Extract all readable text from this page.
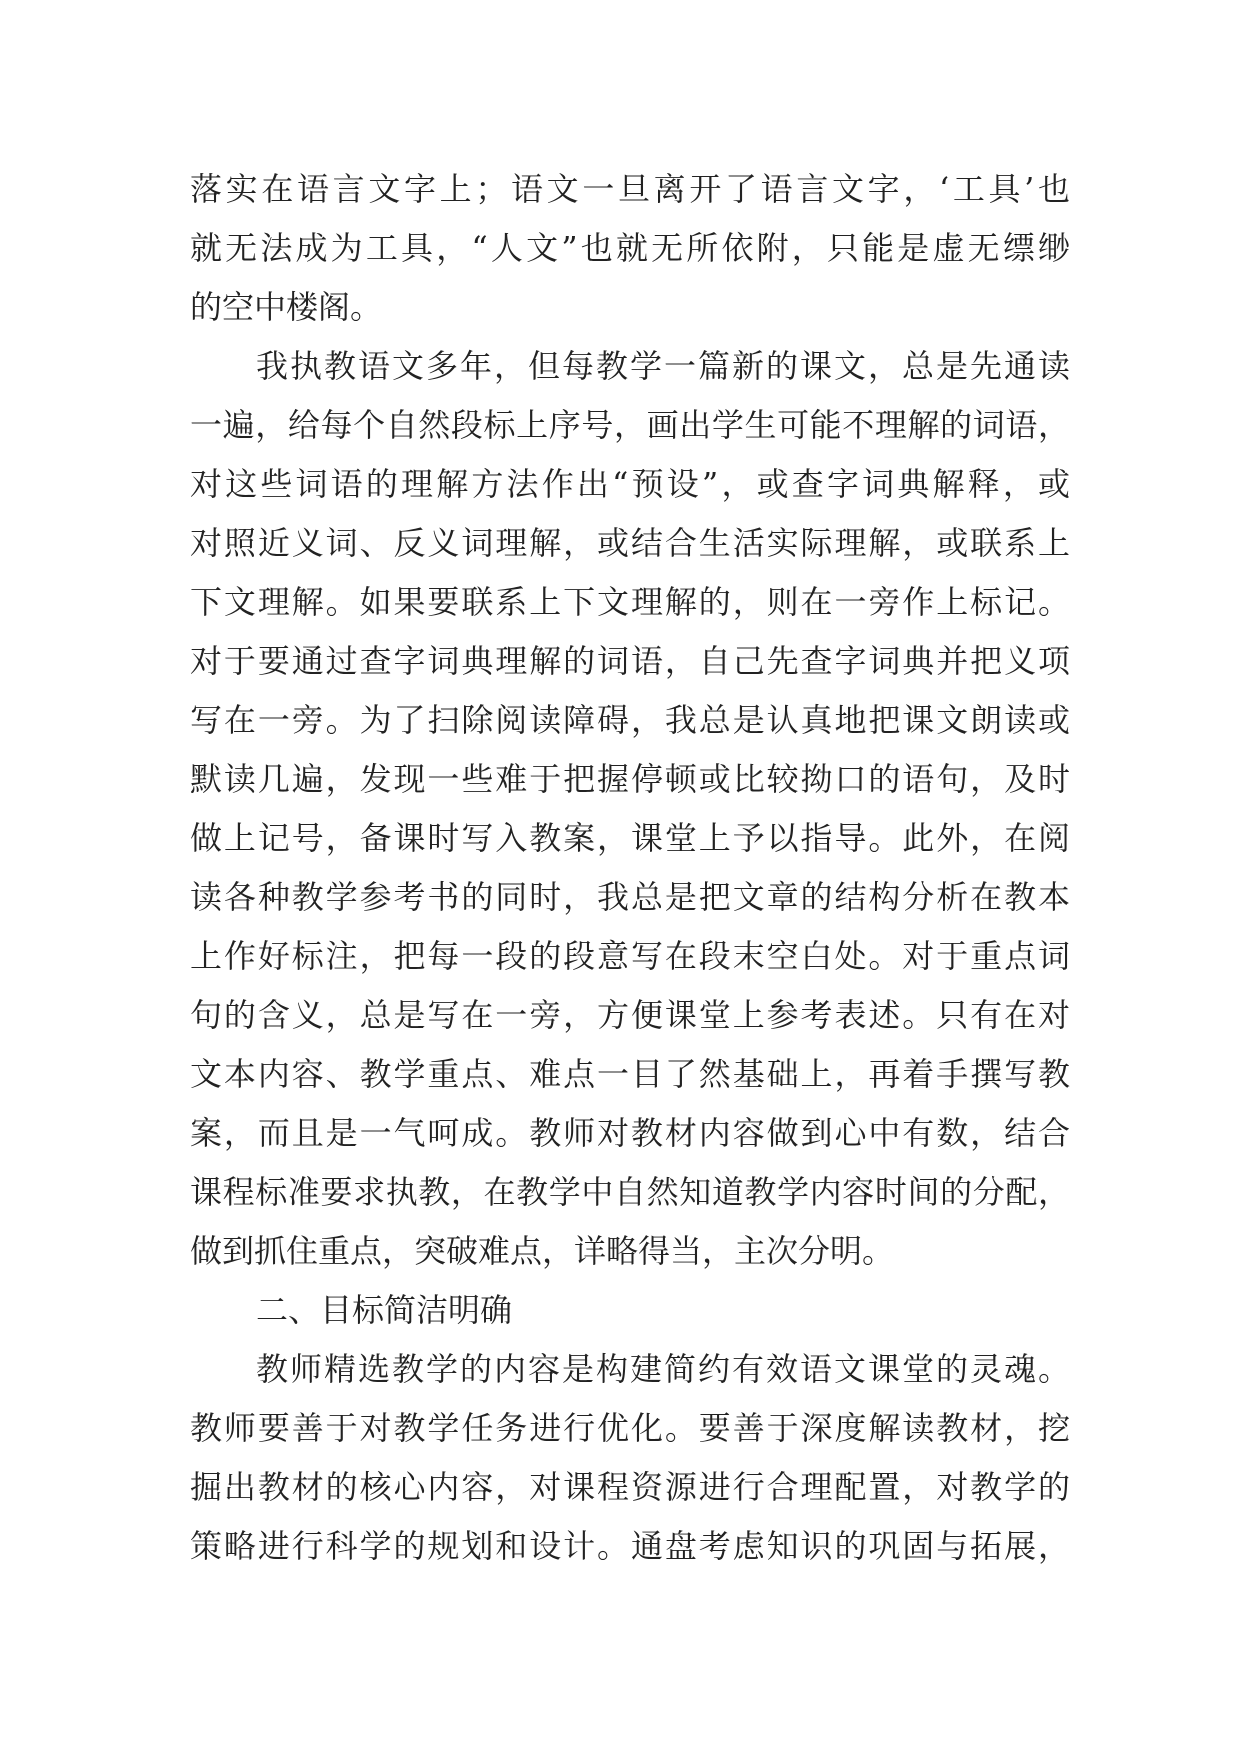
落实在语言文字上；语文一旦离开了语言文字，‘工具’也
就无法成为工具，“人文”也就无所依附，只能是虚无缥缈
的空中楼阁。
我执教语文多年，但每教学一篇新的课文，总是先通读
一遍，给每个自然段标上序号，画出学生可能不理解的词语，
对这些词语的理解方法作出“预设”，或查字词典解释，或
对照近义词、反义词理解，或结合生活实际理解，或联系上
下文理解。如果要联系上下文理解的，则在一旁作上标记。
对于要通过查字词典理解的词语，自己先查字词典并把义项
写在一旁。为了扫除阅读障碍，我总是认真地把课文朗读或
默读几遍，发现一些难于把握停顿或比较拗口的语句，及时
做上记号，备课时写入教案，课堂上予以指导。此外，在阅
读各种教学参考书的同时，我总是把文章的结构分析在教本
上作好标注，把每一段的段意写在段末空白处。对于重点词
句的含义，总是写在一旁，方便课堂上参考表述。只有在对
文本内容、教学重点、难点一目了然基础上，再着手撰写教
案，而且是一气呵成。教师对教材内容做到心中有数，结合
课程标准要求执教，在教学中自然知道教学内容时间的分配，
做到抓住重点，突破难点，详略得当，主次分明。
二、目标简洁明确
教师精选教学的内容是构建简约有效语文课堂的灵魂。
教师要善于对教学任务进行优化。要善于深度解读教材，挖
掘出教材的核心内容，对课程资源进行合理配置，对教学的
策略进行科学的规划和设计。通盘考虑知识的巩固与拓展，
